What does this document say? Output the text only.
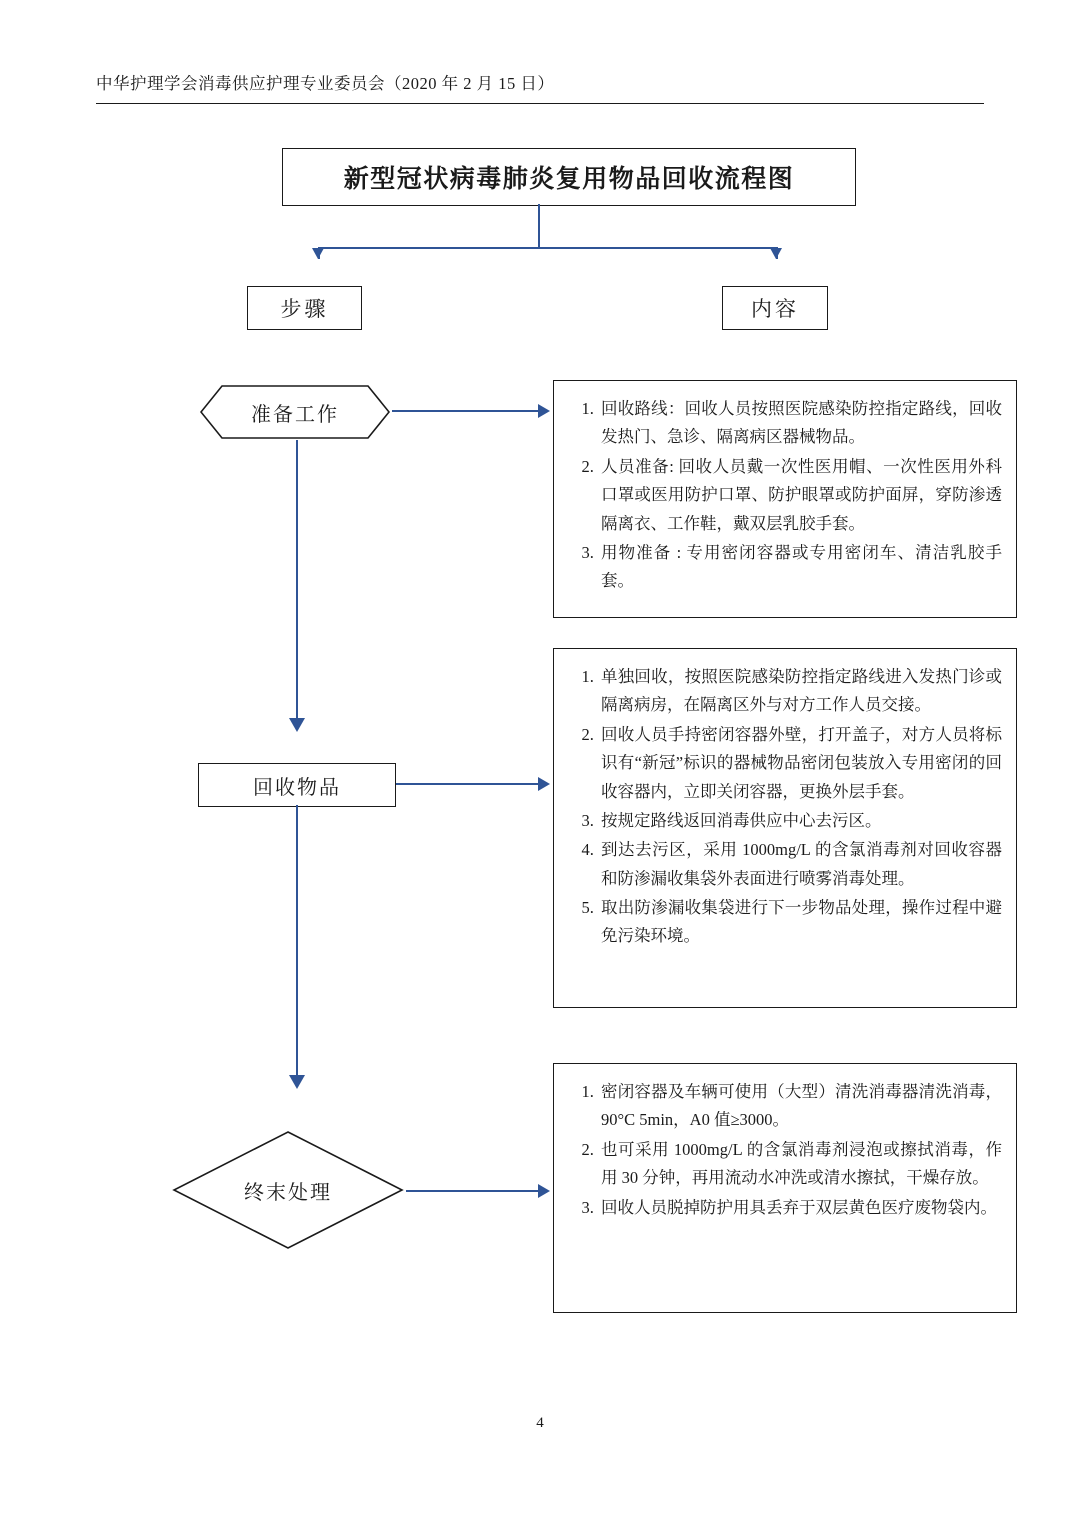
中华护理学会消毒供应护理专业委员会（2020 年 2 月 15 日）
新型冠状病毒肺炎复用物品回收流程图
步骤	内容
准备工作
回收物品
终末处理
1. 回收路线：回收人员按照医院感染防控指定路线，回收发热门、急诊、隔离病区器械物品。
2. 人员准备: 回收人员戴一次性医用帽、一次性医用外科口罩或医用防护口罩、防护眼罩或防护面屏，穿防渗透隔离衣、工作鞋，戴双层乳胶手套。
3. 用物准备 : 专用密闭容器或专用密闭车、清洁乳胶手套。
1. 单独回收，按照医院感染防控指定路线进入发热门诊或隔离病房，在隔离区外与对方工作人员交接。
2. 回收人员手持密闭容器外壁，打开盖子，对方人员将标识有“新冠”标识的器械物品密闭包装放入专用密闭的回收容器内，立即关闭容器，更换外层手套。
3. 按规定路线返回消毒供应中心去污区。
4. 到达去污区，采用 1000mg/L 的含氯消毒剂对回收容器和防渗漏收集袋外表面进行喷雾消毒处理。
5. 取出防渗漏收集袋进行下一步物品处理，操作过程中避免污染环境。
1. 密闭容器及车辆可使用（大型）清洗消毒器清洗消毒，90°C 5min，A0 值≥3000。
2. 也可采用 1000mg/L 的含氯消毒剂浸泡或擦拭消毒，作用 30 分钟，再用流动水冲洗或清水擦拭，干燥存放。
3. 回收人员脱掉防护用具丢弃于双层黄色医疗废物袋内。
4
